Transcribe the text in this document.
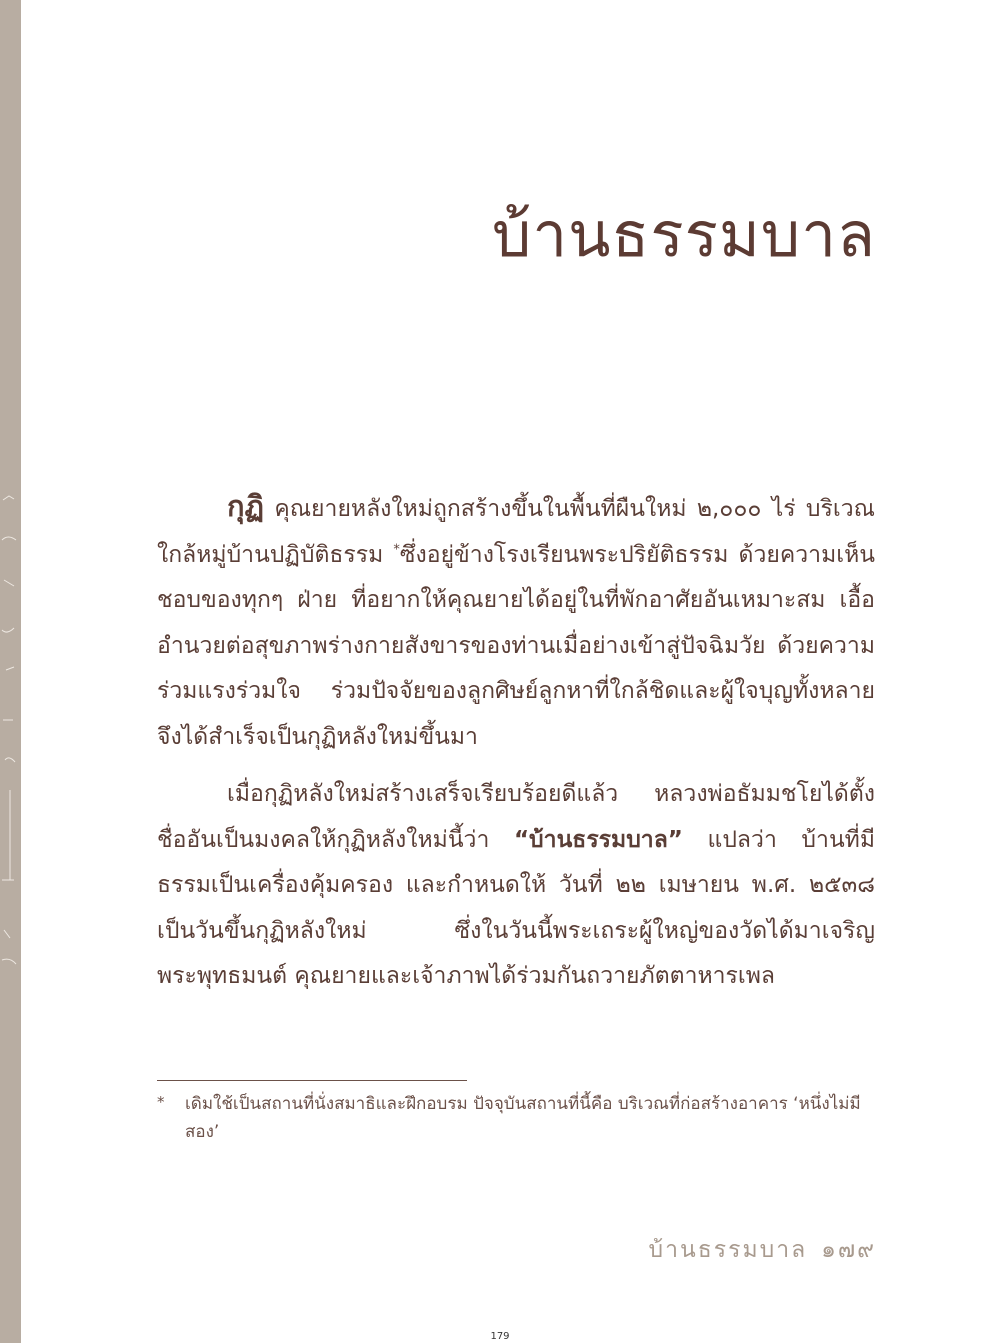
บ้านธรรมบาล

กุฏิ คุณยายหลังใหม่ถูกสร้างขึ้นในพื้นที่ผืนใหม่ ๒,๐๐๐ ไร่ บริเวณใกล้หมู่บ้านปฏิบัติธรรม *ซึ่งอยู่ข้างโรงเรียนพระปริยัติธรรม ด้วยความเห็นชอบของทุกๆ ฝ่าย ที่อยากให้คุณยายได้อยู่ในที่พักอาศัยอันเหมาะสม เอื้ออำนวยต่อสุขภาพร่างกายสังขารของท่านเมื่อย่างเข้าสู่ปัจฉิมวัย ด้วยความร่วมแรงร่วมใจ ร่วมปัจจัยของลูกศิษย์ลูกหาที่ใกล้ชิดและผู้ใจบุญทั้งหลาย จึงได้สำเร็จเป็นกุฏิหลังใหม่ขึ้นมา

เมื่อกุฏิหลังใหม่สร้างเสร็จเรียบร้อยดีแล้ว หลวงพ่อธัมมชโยได้ตั้งชื่ออันเป็นมงคลให้กุฏิหลังใหม่นี้ว่า “บ้านธรรมบาล” แปลว่า บ้านที่มีธรรมเป็นเครื่องคุ้มครอง และกำหนดให้ วันที่ ๒๒ เมษายน พ.ศ. ๒๕๓๘ เป็นวันขึ้นกุฏิหลังใหม่ ซึ่งในวันนี้พระเถระผู้ใหญ่ของวัดได้มาเจริญพระพุทธมนต์ คุณยายและเจ้าภาพได้ร่วมกันถวายภัตตาหารเพล

* เดิมใช้เป็นสถานที่นั่งสมาธิและฝึกอบรม ปัจจุบันสถานที่นี้คือ บริเวณที่ก่อสร้างอาคาร ‘หนึ่งไม่มีสอง’
บ้านธรรมบาล ๑๗๙
179
